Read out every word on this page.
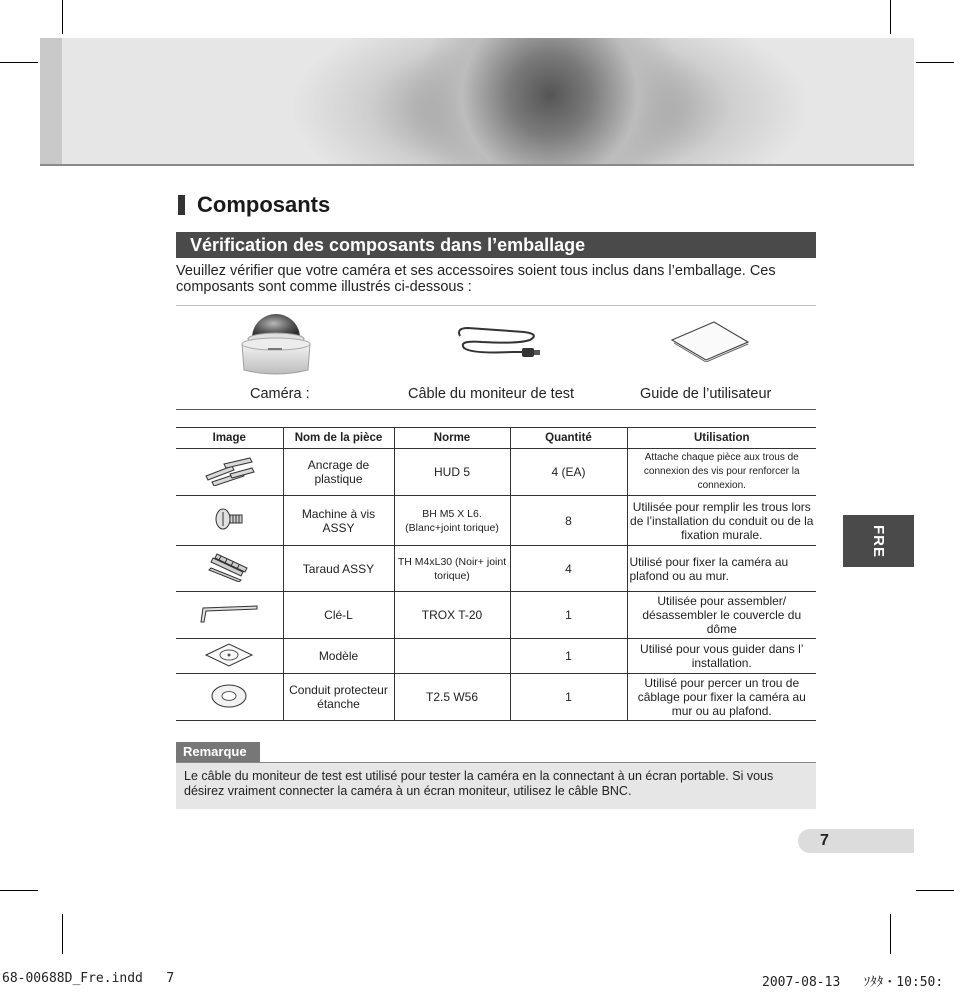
Composants
Vérification des composants dans l’emballage
Veuillez vérifier que votre caméra et ses accessoires soient tous inclus dans l’emballage. Ces composants sont comme illustrés ci-dessous :
Caméra :	Câble du moniteur de test	Guide de l’utilisateur
Image	Nom de la pièce	Norme	Quantité	Utilisation
	Ancrage de plastique	HUD 5	4 (EA)	Attache chaque pièce aux trous de connexion des vis pour renforcer la connexion.
	Machine à vis ASSY	BH M5 X L6. (Blanc+joint torique)	8	Utilisée pour remplir les trous lors de l’installation du conduit ou de la fixation murale.
	Taraud ASSY	TH M4xL30 (Noir+ joint torique)	4	Utilisé pour fixer la caméra au plafond ou au mur.
	Clé-L	TROX T-20	1	Utilisée pour assembler/ désassembler le couvercle du dôme
	Modèle		1	Utilisé pour vous guider dans l’ installation.
	Conduit protecteur étanche	T2.5 W56	1	Utilisé pour percer un trou de câblage pour fixer la caméra au mur ou au plafond.
FRE
Remarque
Le câble du moniteur de test est utilisé pour tester la caméra en la connectant à un écran portable. Si vous désirez vraiment connecter la caméra à un écran moniteur, utilisez le câble BNC.
7
68-00688D_Fre.indd   7	2007-08-13   ｿﾀﾀ・10:50:
